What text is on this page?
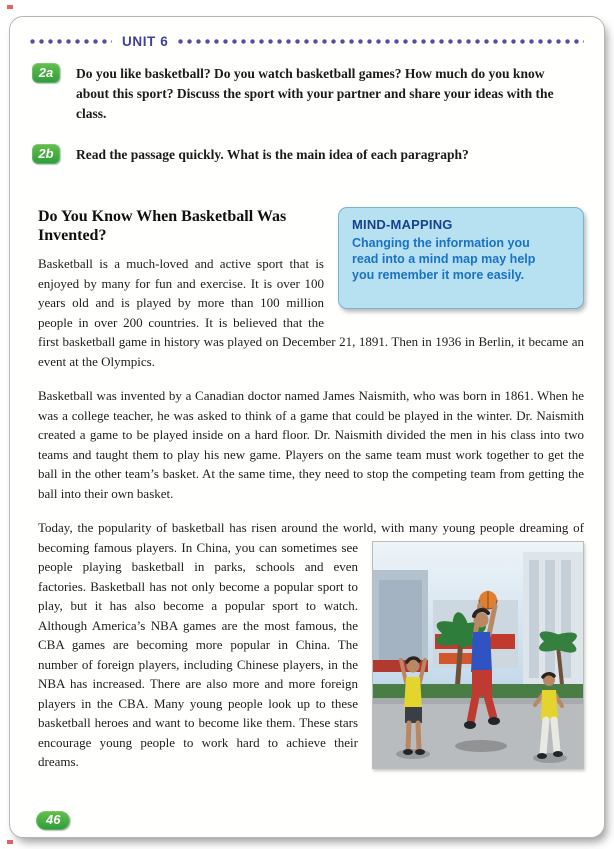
UNIT 6
2a	Do you like basketball? Do you watch basketball games? How much do you know about this sport? Discuss the sport with your partner and share your ideas with the class.

2b	Read the passage quickly. What is the main idea of each paragraph?

MIND-MAPPING
Changing the information you read into a mind map may help you remember it more easily.
Do You Know When Basketball Was Invented?

Basketball is a much-loved and active sport that is enjoyed by many for fun and exercise. It is over 100 years old and is played by more than 100 million people in over 200 countries. It is believed that the first basketball game in history was played on December 21, 1891. Then in 1936 in Berlin, it became an event at the Olympics.

Basketball was invented by a Canadian doctor named James Naismith, who was born in 1861. When he was a college teacher, he was asked to think of a game that could be played in the winter. Dr. Naismith created a game to be played inside on a hard floor. Dr. Naismith divided the men in his class into two teams and taught them to play his new game. Players on the same team must work together to get the ball in the other team’s basket. At the same time, they need to stop the competing team from getting the ball into their own basket.

Today, the popularity of basketball has risen around the world, with many young people dreaming of becoming famous players. In China, you can sometimes see
people playing basketball in parks, schools and even factories. Basketball has not only become a popular sport to play, but it has also become a popular sport to watch. Although America’s NBA games are the most famous, the CBA games are becoming more popular in China. The number of foreign players, including Chinese players, in the NBA has increased. There are also more and more foreign players in the CBA. Many young people look up to these basketball heroes and want to become like them. These stars encourage young people to work hard to achieve their dreams.

46
